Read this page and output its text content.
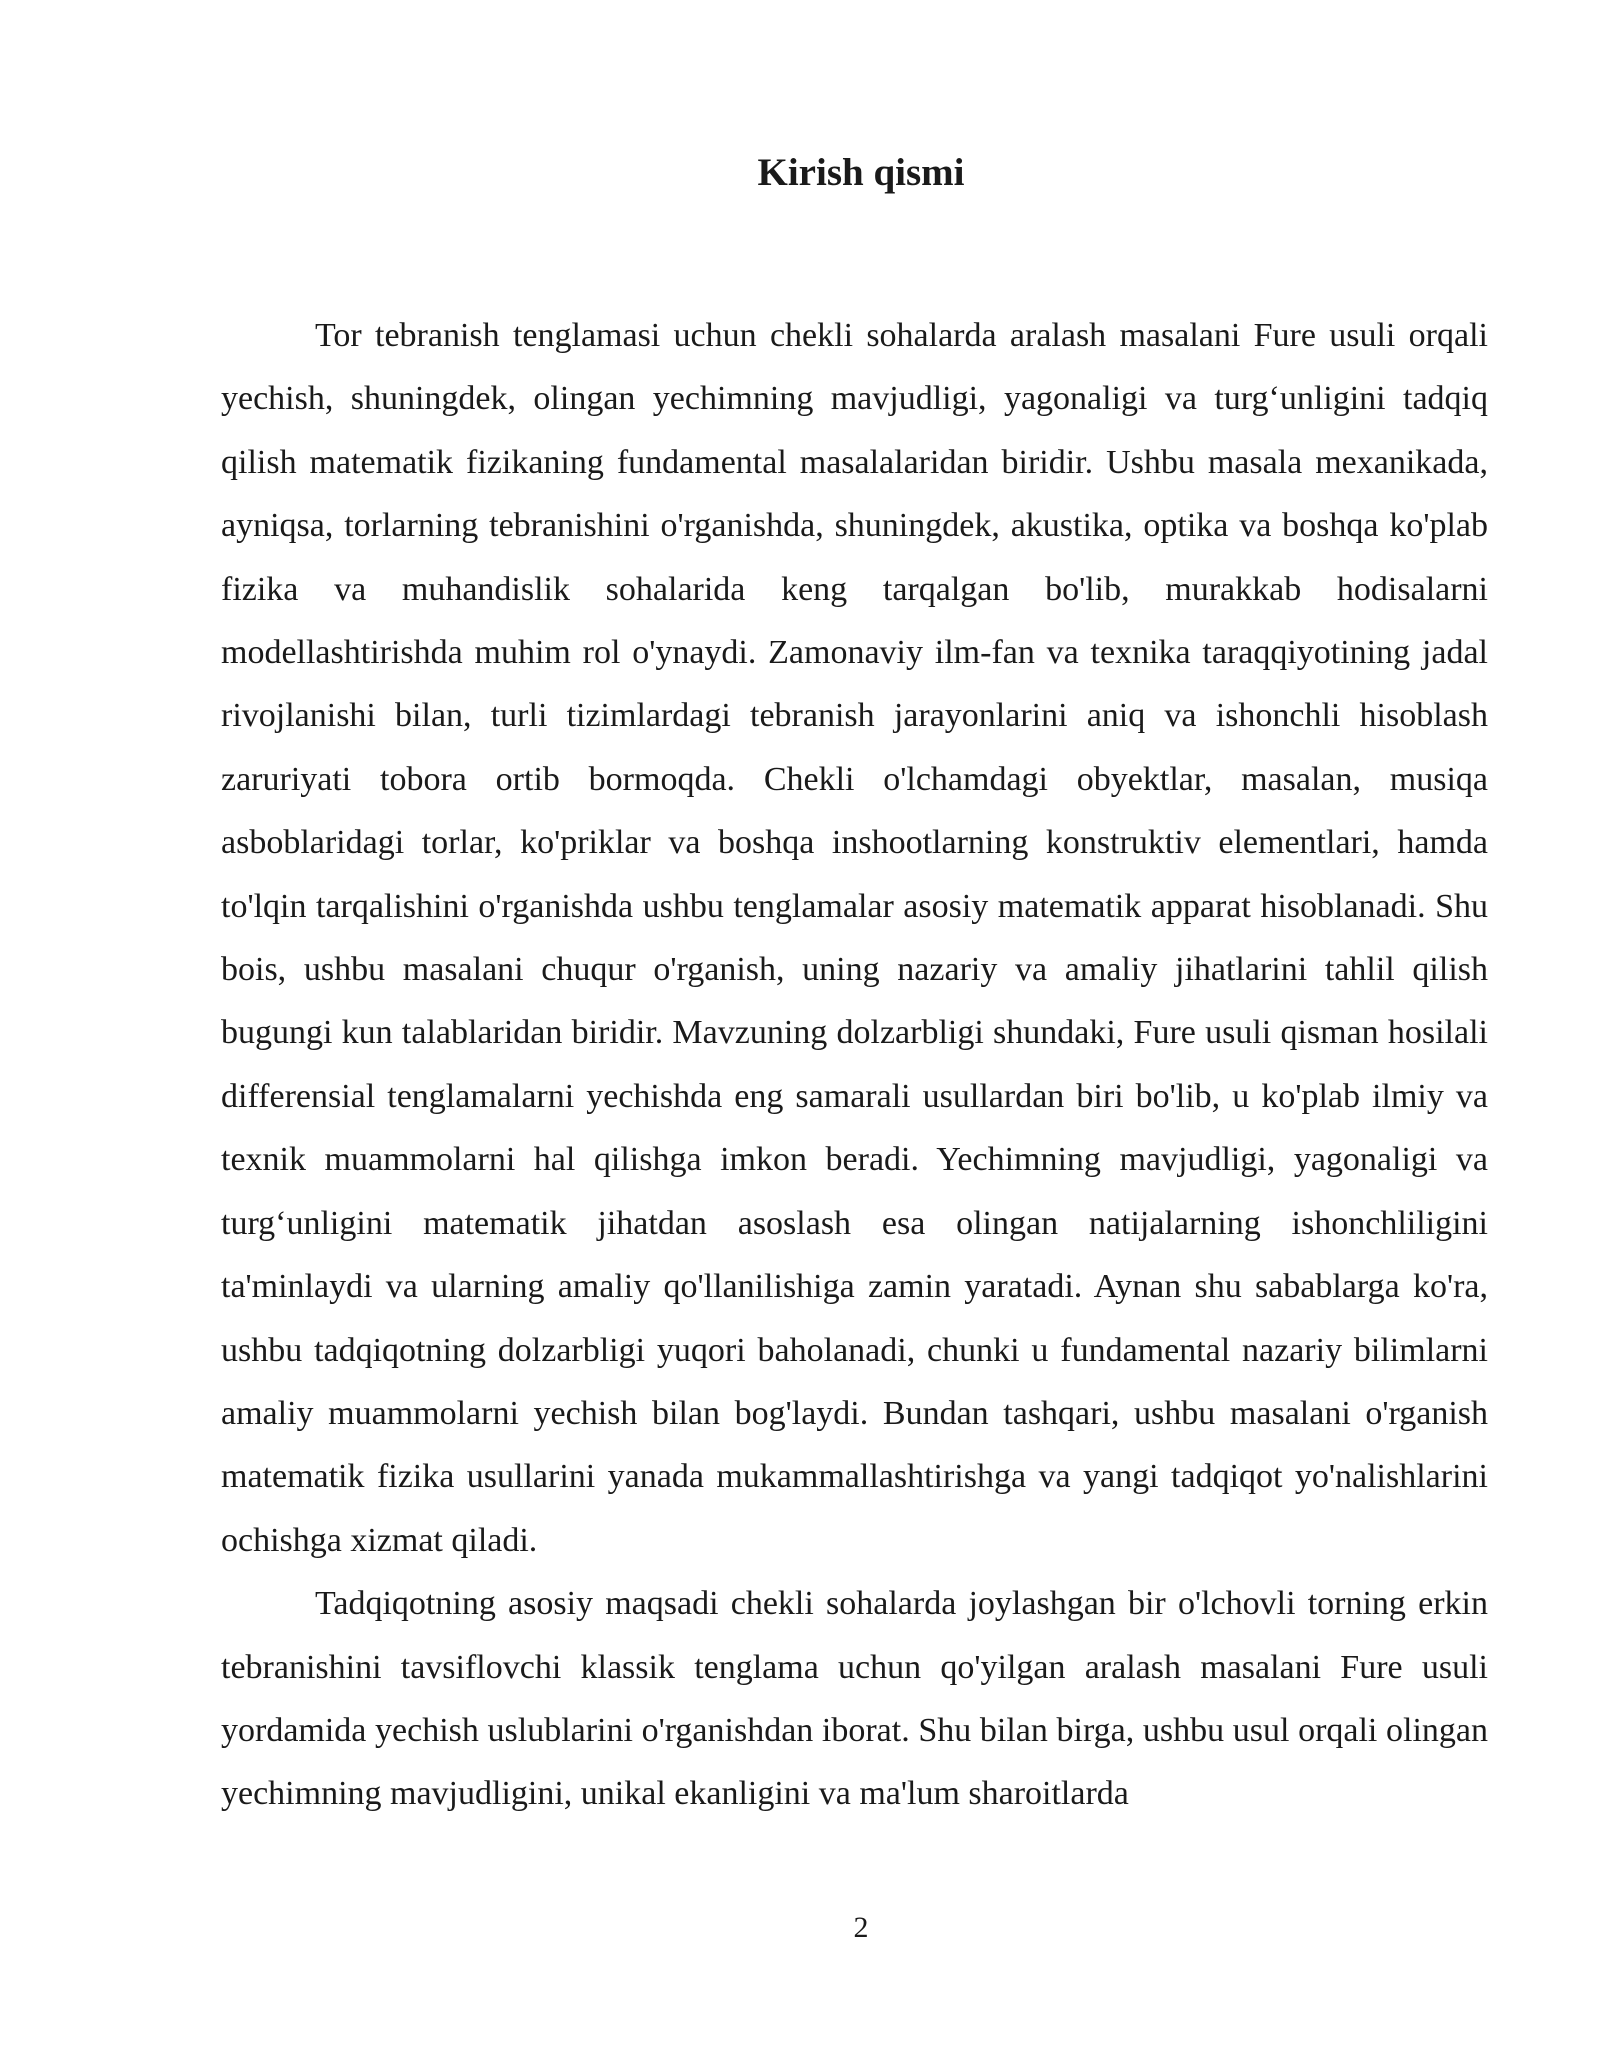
Kirish qismi

Tor tebranish tenglamasi uchun chekli sohalarda aralash masalani Fure usuli orqali yechish, shuningdek, olingan yechimning mavjudligi, yagonaligi va turg‘unligini tadqiq qilish matematik fizikaning fundamental masalalaridan biridir. Ushbu masala mexanikada, ayniqsa, torlarning tebranishini o'rganishda, shuningdek, akustika, optika va boshqa ko'plab fizika va muhandislik sohalarida keng tarqalgan bo'lib, murakkab hodisalarni modellashtirishda muhim rol o'ynaydi. Zamonaviy ilm-fan va texnika taraqqiyotining jadal rivojlanishi bilan, turli tizimlardagi tebranish jarayonlarini aniq va ishonchli hisoblash zaruriyati tobora ortib bormoqda. Chekli o'lchamdagi obyektlar, masalan, musiqa asboblaridagi torlar, ko'priklar va boshqa inshootlarning konstruktiv elementlari, hamda to'lqin tarqalishini o'rganishda ushbu tenglamalar asosiy matematik apparat hisoblanadi. Shu bois, ushbu masalani chuqur o'rganish, uning nazariy va amaliy jihatlarini tahlil qilish bugungi kun talablaridan biridir. Mavzuning dolzarbligi shundaki, Fure usuli qisman hosilali differensial tenglamalarni yechishda eng samarali usullardan biri bo'lib, u ko'plab ilmiy va texnik muammolarni hal qilishga imkon beradi. Yechimning mavjudligi, yagonaligi va turg‘unligini matematik jihatdan asoslash esa olingan natijalarning ishonchliligini ta'minlaydi va ularning amaliy qo'llanilishiga zamin yaratadi. Aynan shu sabablarga ko'ra, ushbu tadqiqotning dolzarbligi yuqori baholanadi, chunki u fundamental nazariy bilimlarni amaliy muammolarni yechish bilan bog'laydi. Bundan tashqari, ushbu masalani o'rganish matematik fizika usullarini yanada mukammallashtirishga va yangi tadqiqot yo'nalishlarini ochishga xizmat qiladi.

Tadqiqotning asosiy maqsadi chekli sohalarda joylashgan bir o'lchovli torning erkin tebranishini tavsiflovchi klassik tenglama uchun qo'yilgan aralash masalani Fure usuli yordamida yechish uslublarini o'rganishdan iborat. Shu bilan birga, ushbu usul orqali olingan yechimning mavjudligini, unikal ekanligini va ma'lum sharoitlarda

2
